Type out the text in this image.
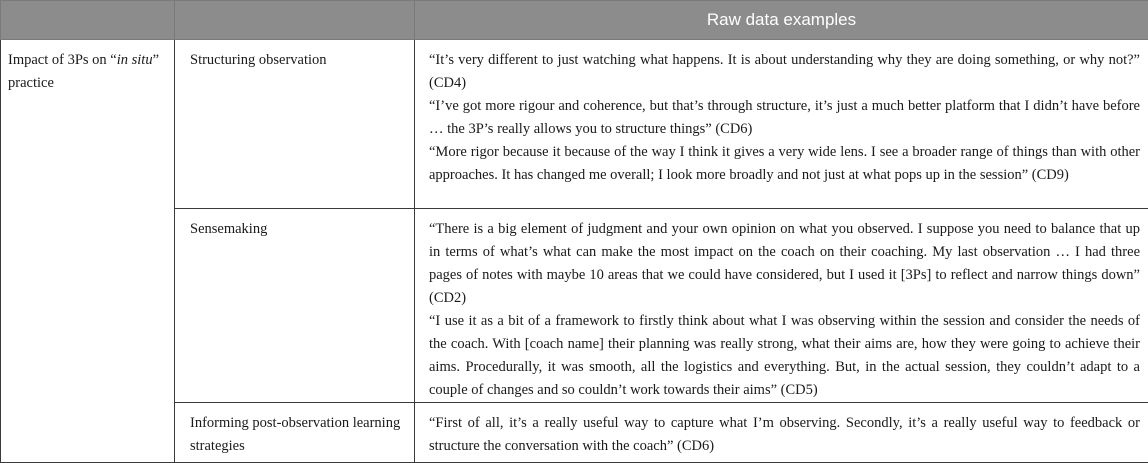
		Raw data examples
Impact of 3Ps on “in situ” practice	Structuring observation	“It’s very different to just watching what happens. It is about understanding why they are doing something, or why not?” (CD4)
“I’ve got more rigour and coherence, but that’s through structure, it’s just a much better platform that I didn’t have before … the 3P’s really allows you to structure things” (CD6)
“More rigor because it because of the way I think it gives a very wide lens. I see a broader range of things than with other approaches. It has changed me overall; I look more broadly and not just at what pops up in the session” (CD9)

	Sensemaking	“There is a big element of judgment and your own opinion on what you observed. I suppose you need to balance that up in terms of what’s what can make the most impact on the coach on their coaching. My last observation … I had three pages of notes with maybe 10 areas that we could have considered, but I used it [3Ps] to reflect and narrow things down” (CD2)
“I use it as a bit of a framework to firstly think about what I was observing within the session and consider the needs of the coach. With [coach name] their planning was really strong, what their aims are, how they were going to achieve their aims. Procedurally, it was smooth, all the logistics and everything. But, in the actual session, they couldn’t adapt to a couple of changes and so couldn’t work towards their aims” (CD5)

	Informing post-observation learning strategies	“First of all, it’s a really useful way to capture what I’m observing. Secondly, it’s a really useful way to feedback or structure the conversation with the coach” (CD6)
